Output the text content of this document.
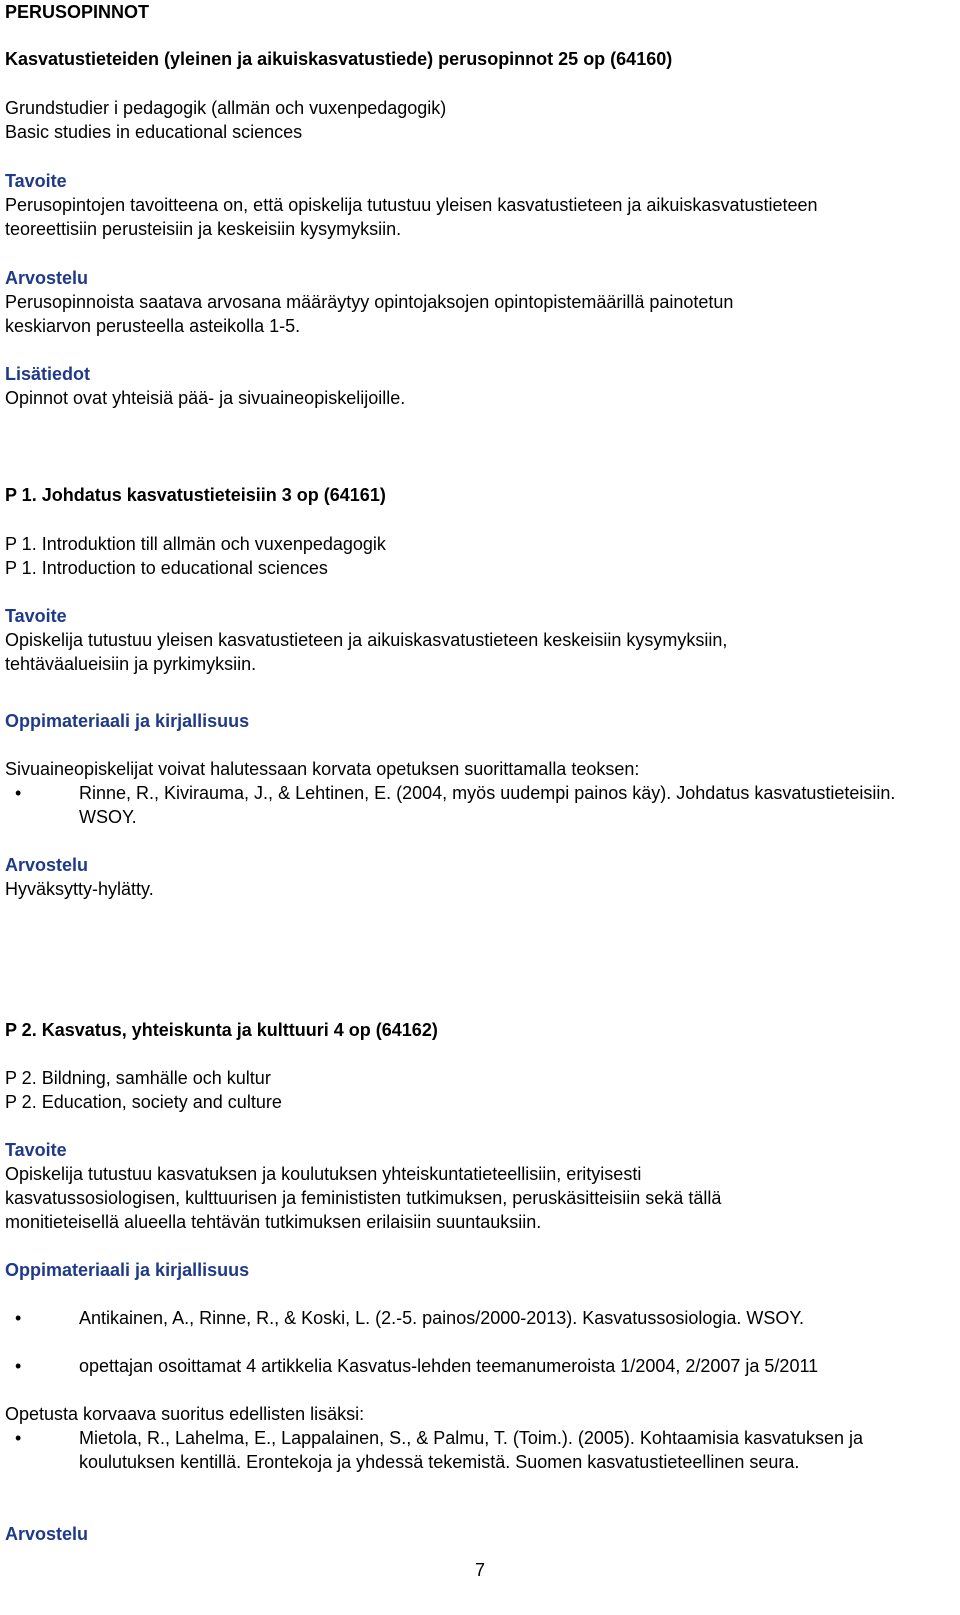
PERUSOPINNOT
Kasvatustieteiden (yleinen ja aikuiskasvatustiede) perusopinnot 25 op (64160)
Grundstudier i pedagogik (allmän och vuxenpedagogik)
Basic studies in educational sciences
Tavoite
Perusopintojen tavoitteena on, että opiskelija tutustuu yleisen kasvatustieteen ja aikuiskasvatustieteen
teoreettisiin perusteisiin ja keskeisiin kysymyksiin.
Arvostelu
Perusopinnoista saatava arvosana määräytyy opintojaksojen opintopistemäärillä painotetun
keskiarvon perusteella asteikolla 1-5.
Lisätiedot
Opinnot ovat yhteisiä pää- ja sivuaineopiskelijoille.
P 1. Johdatus kasvatustieteisiin 3 op (64161)
P 1. Introduktion till allmän och vuxenpedagogik
P 1. Introduction to educational sciences
Tavoite
Opiskelija tutustuu yleisen kasvatustieteen ja aikuiskasvatustieteen keskeisiin kysymyksiin,
tehtäväalueisiin ja pyrkimyksiin.
Oppimateriaali ja kirjallisuus
Sivuaineopiskelijat voivat halutessaan korvata opetuksen suorittamalla teoksen:
•	Rinne, R., Kivirauma, J., & Lehtinen, E. (2004, myös uudempi painos käy). Johdatus kasvatustieteisiin. WSOY.
Arvostelu
Hyväksytty-hylätty.
P 2. Kasvatus, yhteiskunta ja kulttuuri 4 op (64162)
P 2. Bildning, samhälle och kultur
P 2. Education, society and culture
Tavoite
Opiskelija tutustuu kasvatuksen ja koulutuksen yhteiskuntatieteellisiin, erityisesti
kasvatussosiologisen, kulttuurisen ja feminististen tutkimuksen, peruskäsitteisiin sekä tällä
monitieteisellä alueella tehtävän tutkimuksen erilaisiin suuntauksiin.
Oppimateriaali ja kirjallisuus
•	Antikainen, A., Rinne, R., & Koski, L. (2.-5. painos/2000-2013). Kasvatussosiologia. WSOY.
•	opettajan osoittamat 4 artikkelia Kasvatus-lehden teemanumeroista 1/2004, 2/2007 ja 5/2011
Opetusta korvaava suoritus edellisten lisäksi:
•	Mietola, R., Lahelma, E., Lappalainen, S., & Palmu, T. (Toim.). (2005). Kohtaamisia kasvatuksen ja koulutuksen kentillä. Erontekoja ja yhdessä tekemistä. Suomen kasvatustieteellinen seura.
Arvostelu
7
